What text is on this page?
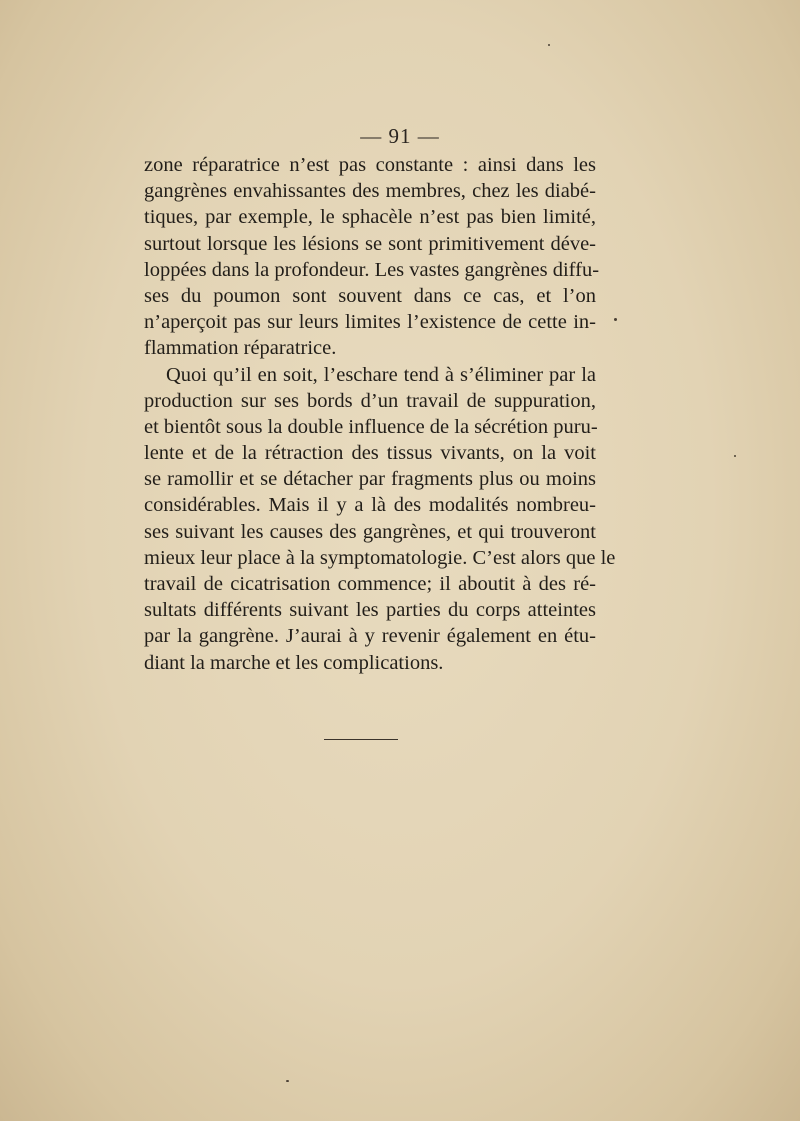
— 91 —
zone réparatrice n’est pas constante : ainsi dans les
gangrènes envahissantes des membres, chez les diabé-
tiques, par exemple, le sphacèle n’est pas bien limité,
surtout lorsque les lésions se sont primitivement déve-
loppées dans la profondeur. Les vastes gangrènes diffu-
ses du poumon sont souvent dans ce cas, et l’on
n’aperçoit pas sur leurs limites l’existence de cette in-
flammation réparatrice.
Quoi qu’il en soit, l’eschare tend à s’éliminer par la
production sur ses bords d’un travail de suppuration,
et bientôt sous la double influence de la sécrétion puru-
lente et de la rétraction des tissus vivants, on la voit
se ramollir et se détacher par fragments plus ou moins
considérables. Mais il y a là des modalités nombreu-
ses suivant les causes des gangrènes, et qui trouveront
mieux leur place à la symptomatologie. C’est alors que le
travail de cicatrisation commence; il aboutit à des ré-
sultats différents suivant les parties du corps atteintes
par la gangrène. J’aurai à y revenir également en étu-
diant la marche et les complications.
